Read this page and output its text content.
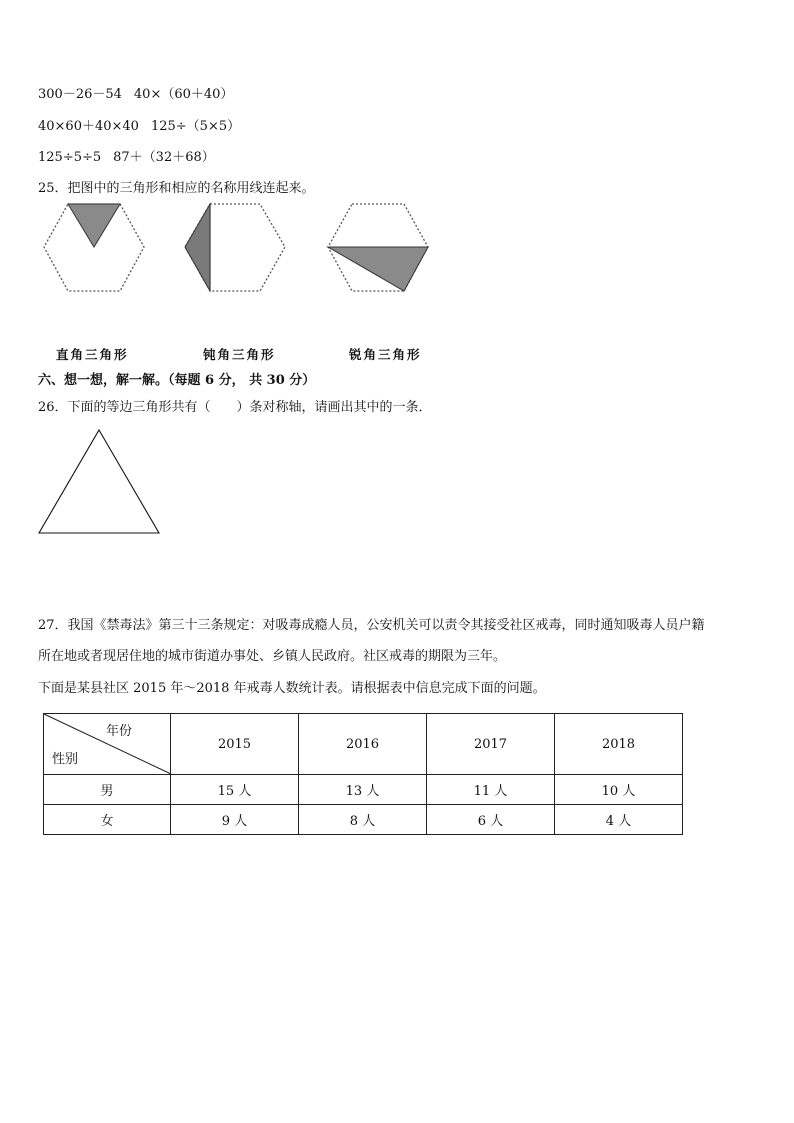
300－26－54 40×（60＋40）
40×60＋40×40 125÷（5×5）
125÷5÷5 87＋（32＋68）
25．把图中的三角形和相应的名称用线连起来。
直角三角形	钝角三角形	锐角三角形
六、想一想，解一解。（每题 6 分， 共 30 分）
26．下面的等边三角形共有（　　）条对称轴，请画出其中的一条．
27．我国《禁毒法》第三十三条规定：对吸毒成瘾人员，公安机关可以责令其接受社区戒毒，同时通知吸毒人员户籍
所在地或者现居住地的城市街道办事处、乡镇人民政府。社区戒毒的期限为三年。
下面是某县社区 2015 年～2018 年戒毒人数统计表。请根据表中信息完成下面的问题。
年份
性别	2015	2016	2017	2018
男	15 人	13 人	11 人	10 人
女	9 人	8 人	6 人	4 人
